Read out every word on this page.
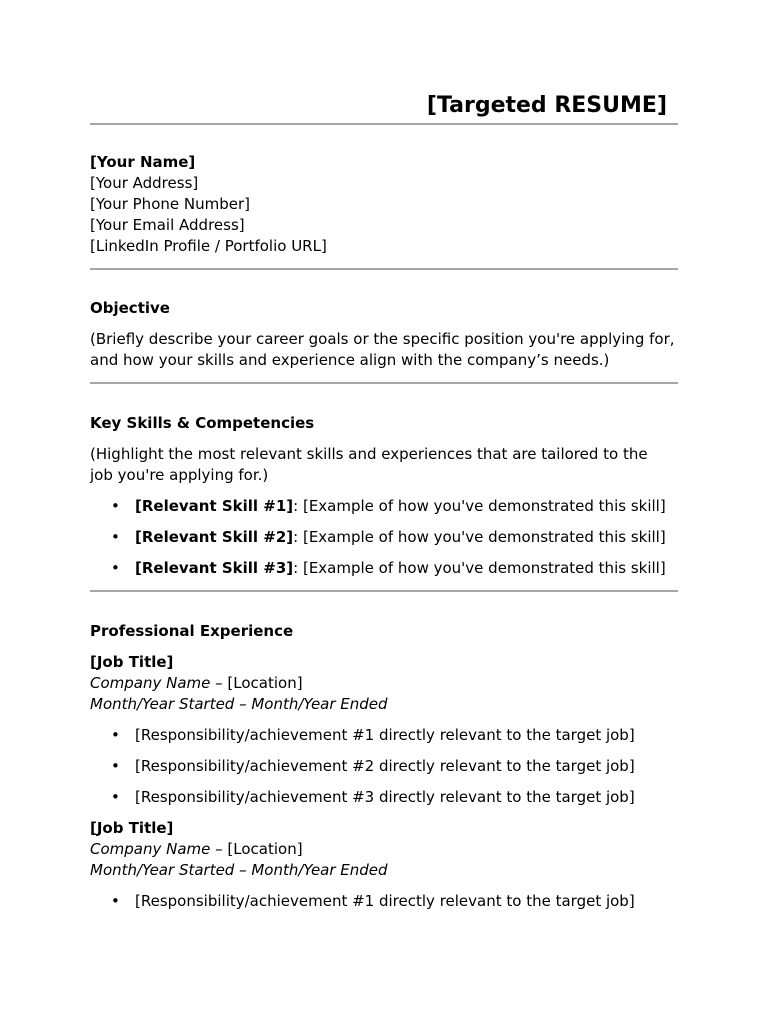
[Targeted RESUME]
[Your Name]
[Your Address]
[Your Phone Number]
[Your Email Address]
[LinkedIn Profile / Portfolio URL]
Objective
(Briefly describe your career goals or the specific position you're applying for,
and how your skills and experience align with the company’s needs.)
Key Skills & Competencies
(Highlight the most relevant skills and experiences that are tailored to the
job you're applying for.)
• [Relevant Skill #1]: [Example of how you've demonstrated this skill]
• [Relevant Skill #2]: [Example of how you've demonstrated this skill]
• [Relevant Skill #3]: [Example of how you've demonstrated this skill]
Professional Experience
[Job Title]
Company Name – [Location]
Month/Year Started – Month/Year Ended
• [Responsibility/achievement #1 directly relevant to the target job]
• [Responsibility/achievement #2 directly relevant to the target job]
• [Responsibility/achievement #3 directly relevant to the target job]
[Job Title]
Company Name – [Location]
Month/Year Started – Month/Year Ended
• [Responsibility/achievement #1 directly relevant to the target job]
